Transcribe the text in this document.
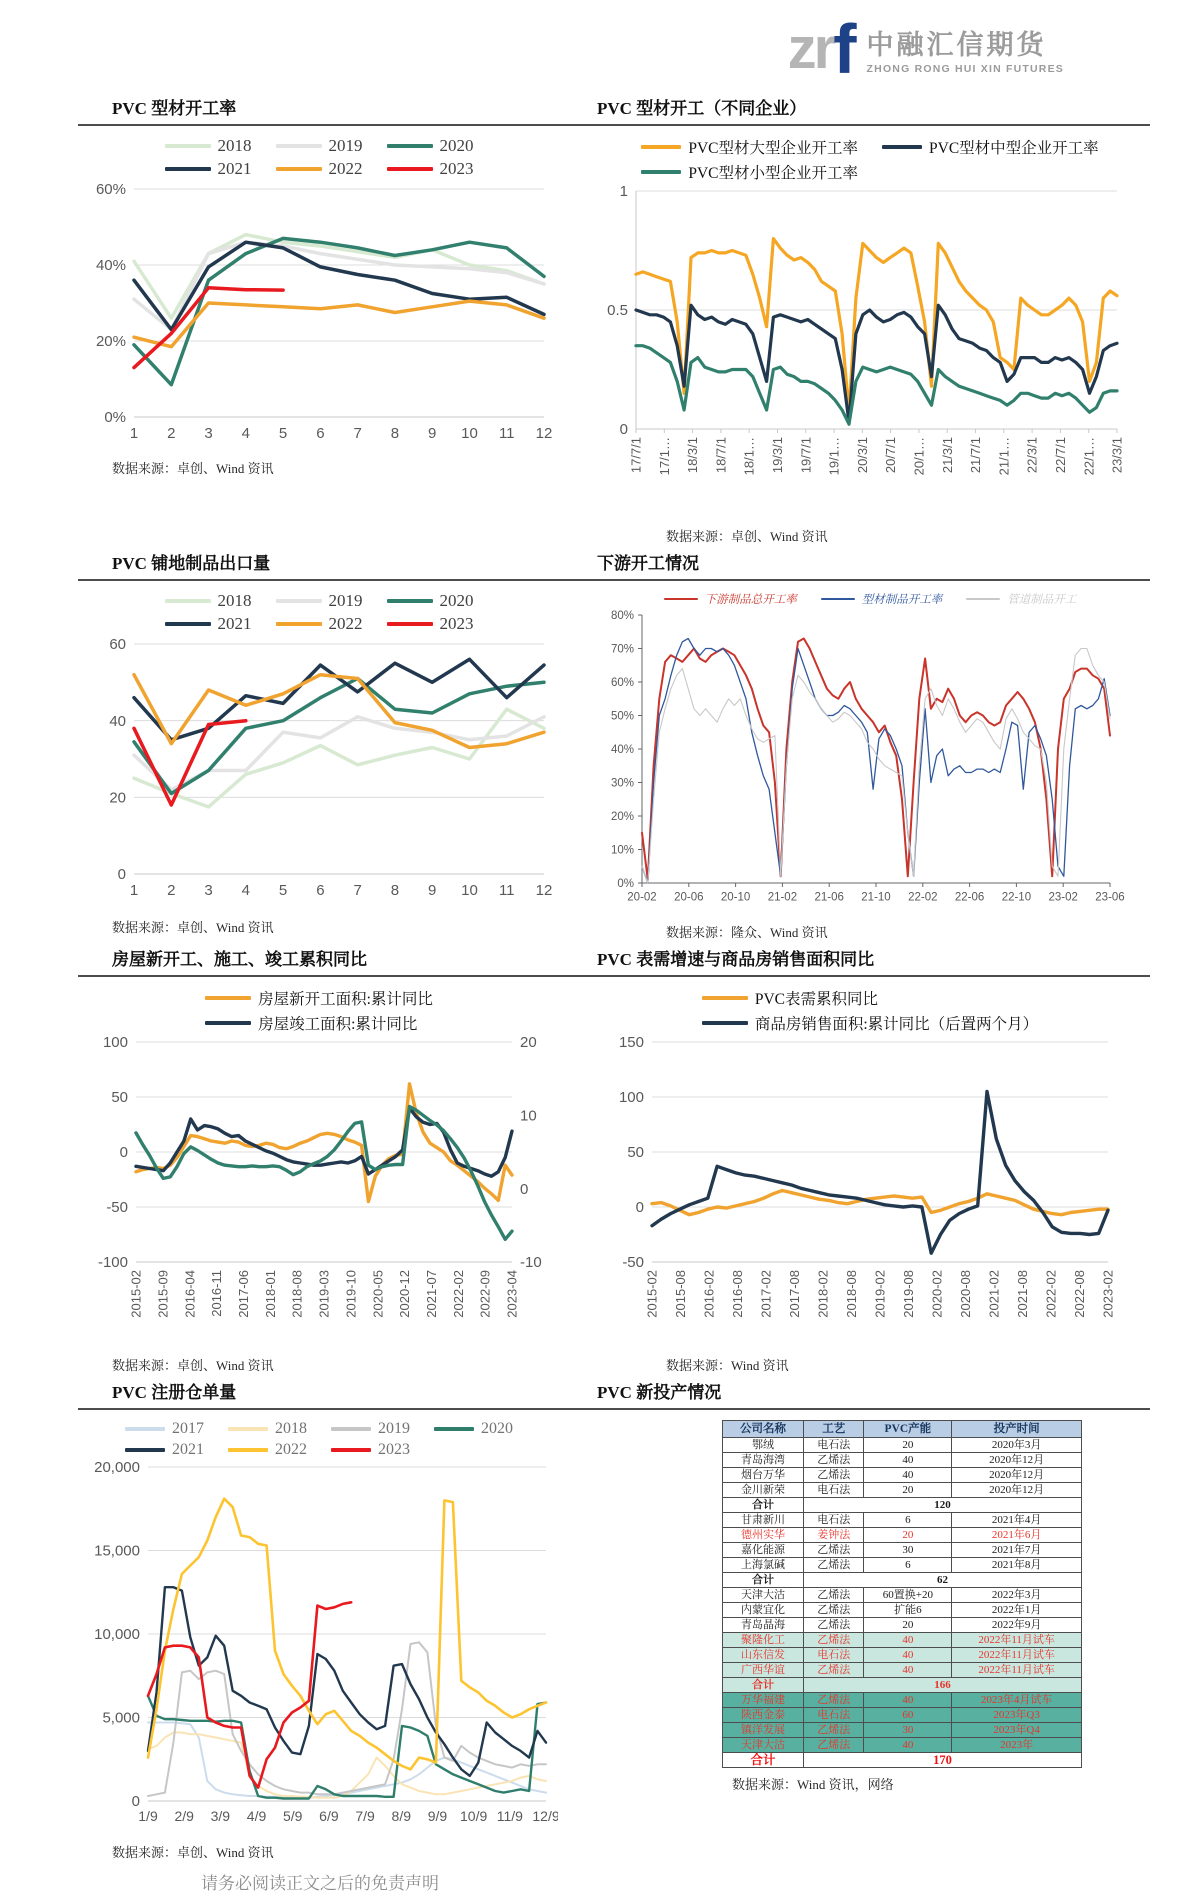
zr f 中融汇信期货
ZHONG RONG HUI XIN FUTURES
PVC 型材开工率	PVC 型材开工（不同企业）
2018	2019	2020
2021	2022	2023
0%
20%
40%
60%
1 2 3 4 5 6 7 8 9 10 11 12
数据来源：卓创、Wind 资讯
PVC型材大型企业开工率	PVC型材中型企业开工率
PVC型材小型企业开工率
0
0.5
1
17/7/1 17/1… 18/3/1 18/7/1 18/1… 19/3/1 19/7/1 19/1… 20/3/1 20/7/1 20/1… 21/3/1 21/7/1 21/1… 22/3/1 22/7/1 22/1… 23/3/1
数据来源：卓创、Wind 资讯
PVC 铺地制品出口量	下游开工情况
2018	2019	2020
2021	2022	2023
0
20
40
60
1 2 3 4 5 6 7 8 9 10 11 12
数据来源：卓创、Wind 资讯
下游制品总开工率	型材制品开工率	管道制品开工
0%
10%
20%
30%
40%
50%
60%
70%
80%
20-02 20-06 20-10 21-02 21-06 21-10 22-02 22-06 22-10 23-02 23-06
数据来源：隆众、Wind 资讯
房屋新开工、施工、竣工累积同比	PVC 表需增速与商品房销售面积同比
房屋新开工面积:累计同比
房屋竣工面积:累计同比
-100
-50
0
50
100
-10
0
10
20
2015-02 2015-09 2016-04 2016-11 2017-06 2018-01 2018-08 2019-03 2019-10 2020-05 2020-12 2021-07 2022-02 2022-09 2023-04
数据来源：卓创、Wind 资讯
PVC表需累积同比
商品房销售面积:累计同比（后置两个月）
-50
0
50
100
150
2015-02 2015-08 2016-02 2016-08 2017-02 2017-08 2018-02 2018-08 2019-02 2019-08 2020-02 2020-08 2021-02 2021-08 2022-02 2022-08 2023-02
数据来源：Wind 资讯
PVC 注册仓单量	PVC 新投产情况
2017	2018	2019	2020
2021	2022	2023
0
5,000
10,000
15,000
20,000
1/9 2/9 3/9 4/9 5/9 6/9 7/9 8/9 9/9 10/9 11/9 12/9
数据来源：卓创、Wind 资讯
公司名称	工艺	PVC产能	投产时间
鄂绒	电石法	20	2020年3月
青岛海湾	乙烯法	40	2020年12月
烟台万华	乙烯法	40	2020年12月
金川新荣	电石法	20	2020年12月
合计	120		
甘肃新川	电石法	6	2021年4月
德州实华	姜钟法	20	2021年6月
嘉化能源	乙烯法	30	2021年7月
上海氯碱	乙烯法	6	2021年8月
合计	62		
天津大沽	乙烯法	60置换+20	2022年3月
内蒙宜化	乙烯法	扩能6	2022年1月
青岛晶海	乙烯法	20	2022年9月
聚隆化工	乙烯法	40	2022年11月试车
山东信发	电石法	40	2022年11月试车
广西华谊	乙烯法	40	2022年11月试车
合计	166		
万华福建	乙烯法	40	2023年4月试车
陕西金泰	电石法	60	2023年Q3
镇洋发展	乙烯法	30	2023年Q4
天津大沽	乙烯法	40	2023年
合计	170		
数据来源：Wind 资讯，网络
请务必阅读正文之后的免责声明
